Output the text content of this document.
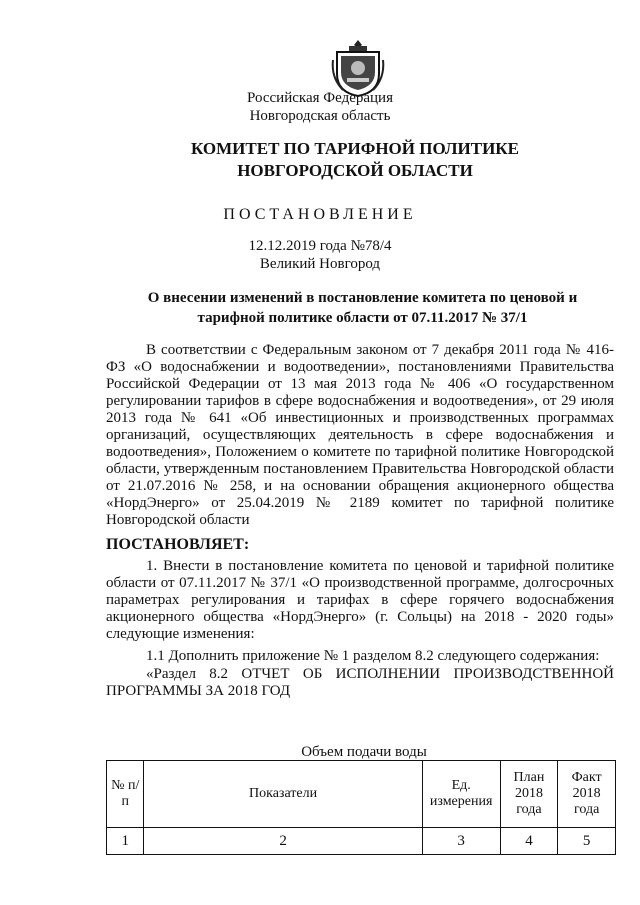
Российская Федерация
Новгородская область
КОМИТЕТ ПО ТАРИФНОЙ ПОЛИТИКЕ НОВГОРОДСКОЙ ОБЛАСТИ
ПОСТАНОВЛЕНИЕ
12.12.2019 года №78/4
Великий Новгород
О внесении изменений в постановление комитета по ценовой и тарифной политике области от 07.11.2017 № 37/1
В соответствии с Федеральным законом от 7 декабря 2011 года № 416-ФЗ «О водоснабжении и водоотведении», постановлениями Правительства Российской Федерации от 13 мая 2013 года № 406 «О государственном регулировании тарифов в сфере водоснабжения и водоотведения», от 29 июля 2013 года № 641 «Об инвестиционных и производственных программах организаций, осуществляющих деятельность в сфере водоснабжения и водоотведения», Положением о комитете по тарифной политике Новгородской области, утвержденным постановлением Правительства Новгородской области от 21.07.2016 № 258, и на основании обращения акционерного общества «НордЭнерго» от 25.04.2019 № 2189 комитет по тарифной политике Новгородской области
ПОСТАНОВЛЯЕТ:
1. Внести в постановление комитета по ценовой и тарифной политике области от 07.11.2017 № 37/1 «О производственной программе, долгосрочных параметрах регулирования и тарифах в сфере горячего водоснабжения акционерного общества «НордЭнерго» (г. Сольцы) на 2018 - 2020 годы» следующие изменения:
1.1 Дополнить приложение № 1 разделом 8.2 следующего содержания:
«Раздел 8.2 ОТЧЕТ ОБ ИСПОЛНЕНИИ ПРОИЗВОДСТВЕННОЙ ПРОГРАММЫ ЗА 2018 ГОД
Объем подачи воды
№ п/п	Показатели	Ед. измерения	План 2018 года	Факт 2018 года
1	2	3	4	5
